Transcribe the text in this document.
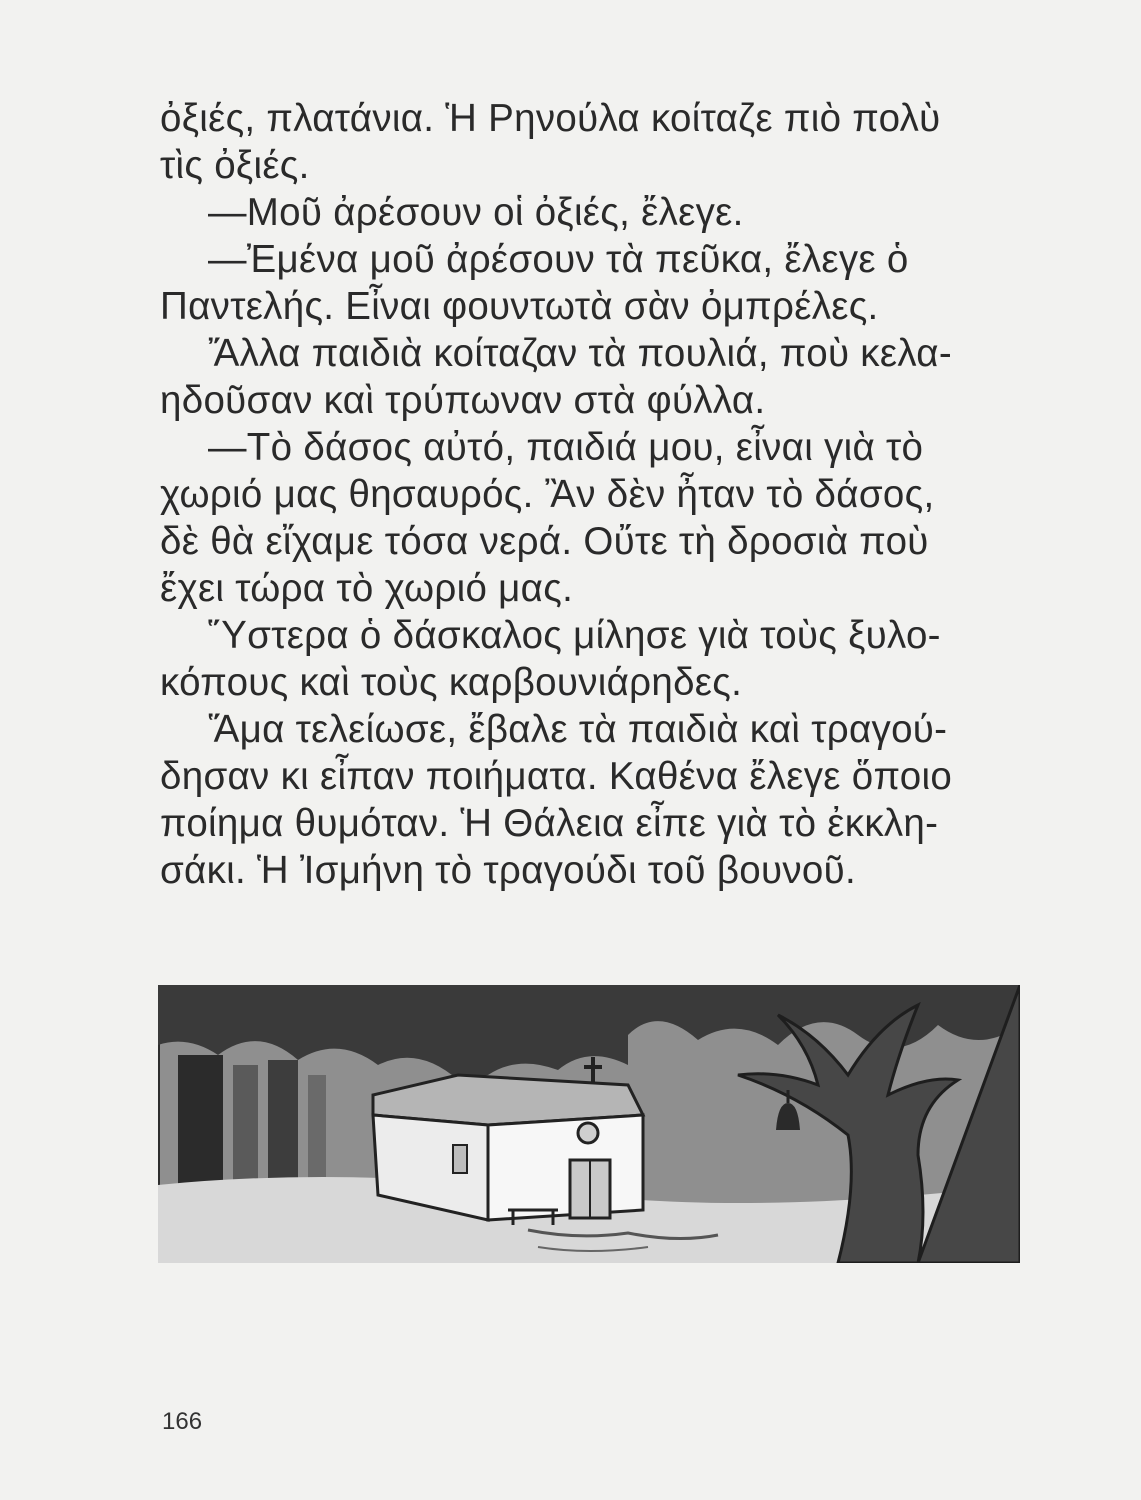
ὀξιές, πλατάνια. Ἡ Ρηνούλα κοίταζε πιὸ πολὺ
τὶς ὀξιές.
—Μοῦ ἀρέσουν οἱ ὀξιές, ἔλεγε.
—Ἐμένα μοῦ ἀρέσουν τὰ πεῦκα, ἔλεγε ὁ
Παντελής. Εἶναι φουντωτὰ σὰν ὀμπρέλες.
Ἄλλα παιδιὰ κοίταζαν τὰ πουλιά, ποὺ κελα-
ηδοῦσαν καὶ τρύπωναν στὰ φύλλα.
—Τὸ δάσος αὐτό, παιδιά μου, εἶναι γιὰ τὸ
χωριό μας θησαυρός. Ἂν δὲν ἦταν τὸ δάσος,
δὲ θὰ εἴχαμε τόσα νερά. Οὔτε τὴ δροσιὰ ποὺ
ἔχει τώρα τὸ χωριό μας.
Ὕστερα ὁ δάσκαλος μίλησε γιὰ τοὺς ξυλο-
κόπους καὶ τοὺς καρβουνιάρηδες.
Ἅμα τελείωσε, ἔβαλε τὰ παιδιὰ καὶ τραγού-
δησαν κι εἶπαν ποιήματα. Καθένα ἔλεγε ὅποιο
ποίημα θυμόταν. Ἡ Θάλεια εἶπε γιὰ τὸ ἐκκλη-
σάκι. Ἡ Ἰσμήνη τὸ τραγούδι τοῦ βουνοῦ.
166
